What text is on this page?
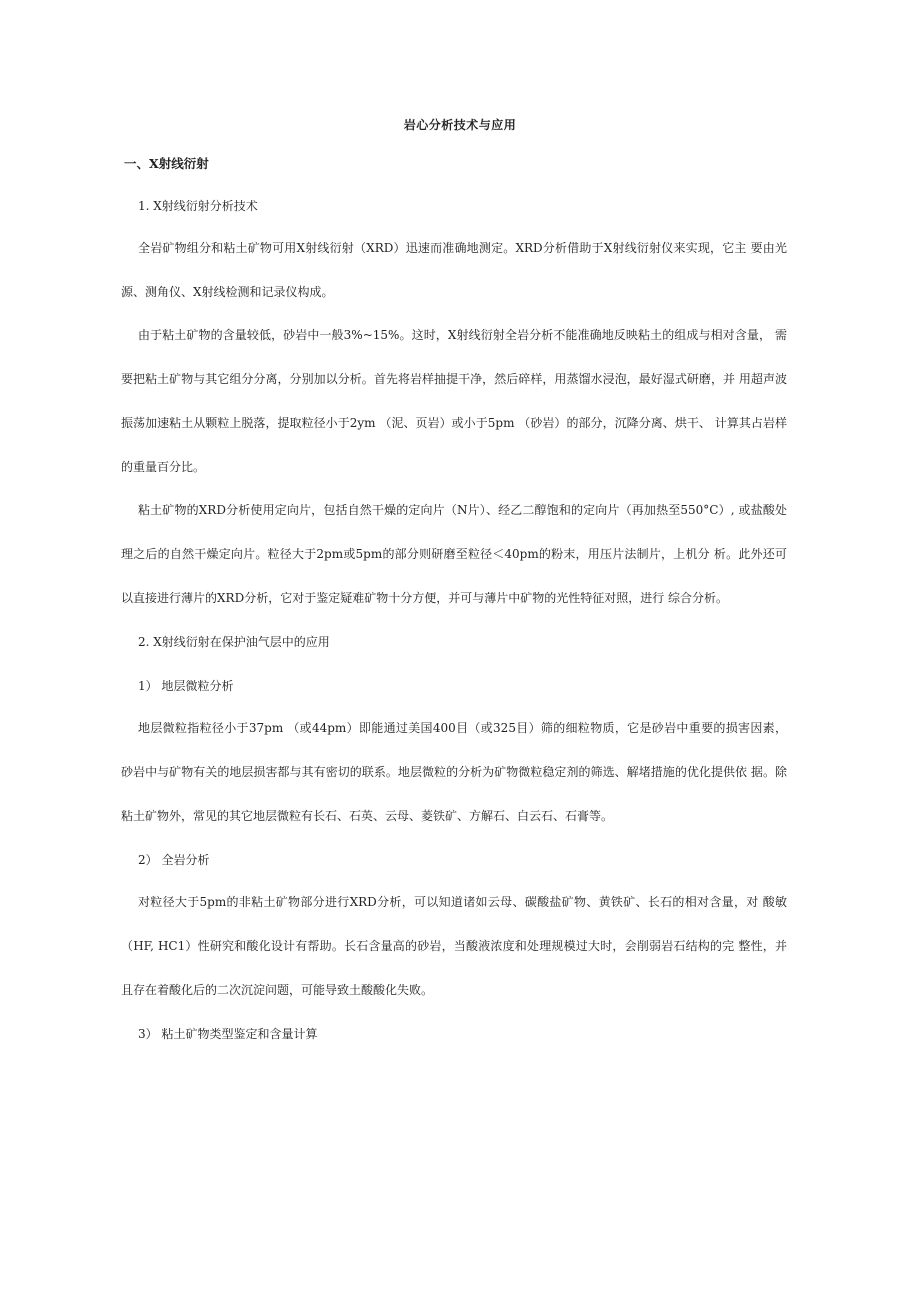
岩心分析技术与应用
一、X射线衍射

1. X射线衍射分析技术

全岩矿物组分和粘土矿物可用X射线衍射（XRD）迅速而准确地测定。XRD分析借助于X射线衍射仪来实现，它主 要由光源、测角仪、X射线检测和记录仪构成。

由于粘土矿物的含量较低，砂岩中一般3%~15%。这时，X射线衍射全岩分析不能准确地反映粘土的组成与相对含量， 需要把粘土矿物与其它组分分离，分别加以分析。首先将岩样抽提干净，然后碎样，用蒸馏水浸泡，最好湿式研磨，并 用超声波振荡加速粘土从颗粒上脱落，提取粒径小于2ym （泥、页岩）或小于5pm （砂岩）的部分，沉降分离、烘干、 计算其占岩样的重量百分比。

粘土矿物的XRD分析使用定向片，包括自然干燥的定向片（N片）、经乙二醇饱和的定向片（再加热至550°C）, 或盐酸处理之后的自然干燥定向片。粒径大于2pm或5pm的部分则研磨至粒径＜40pm的粉末，用压片法制片，上机分 析。此外还可以直接进行薄片的XRD分析，它对于鉴定疑难矿物十分方便，并可与薄片中矿物的光性特征对照，进行 综合分析。

2. X射线衍射在保护油气层中的应用

1） 地层微粒分析

地层微粒指粒径小于37pm （或44pm）即能通过美国400目（或325目）筛的细粒物质，它是砂岩中重要的损害因素， 砂岩中与矿物有关的地层损害都与其有密切的联系。地层微粒的分析为矿物微粒稳定剂的筛选、解堵措施的优化提供依 据。除粘土矿物外，常见的其它地层微粒有长石、石英、云母、菱铁矿、方解石、白云石、石膏等。

2） 全岩分析

对粒径大于5pm的非粘土矿物部分进行XRD分析，可以知道诸如云母、碳酸盐矿物、黄铁矿、长石的相对含量，对 酸敏（HF, HC1）性研究和酸化设计有帮助。长石含量高的砂岩，当酸液浓度和处理规模过大时，会削弱岩石结构的完 整性，并且存在着酸化后的二次沉淀问题，可能导致土酸酸化失败。

3） 粘土矿物类型鉴定和含量计算
